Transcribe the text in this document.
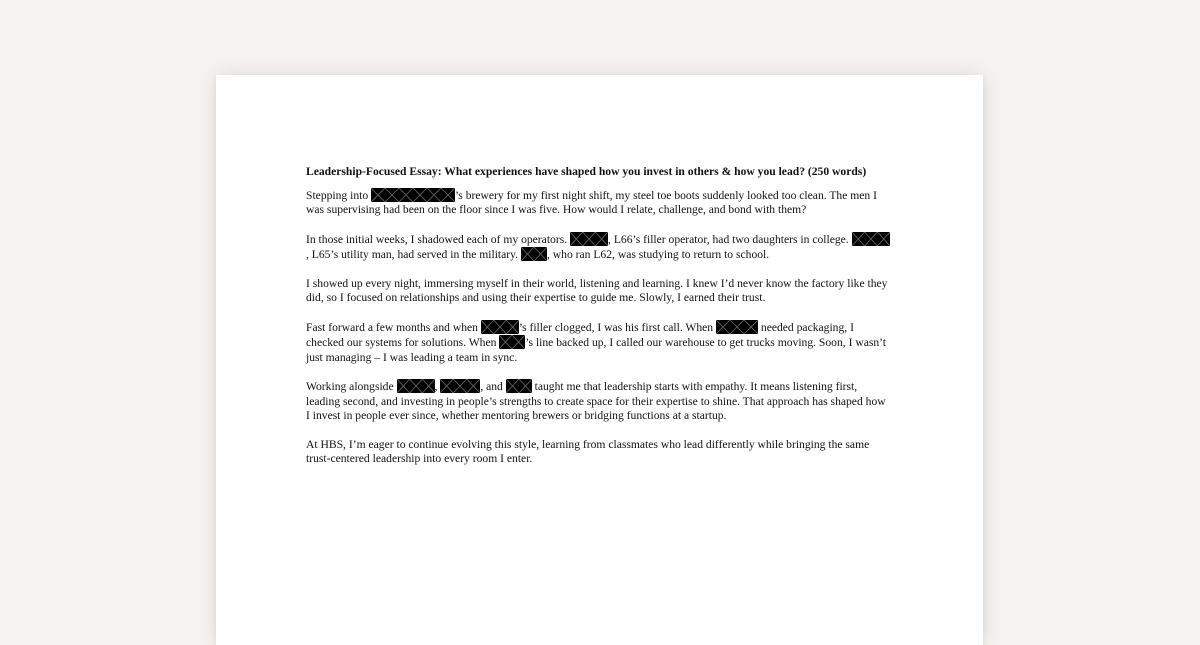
Leadership-Focused Essay: What experiences have shaped how you invest in others & how you lead? (250 words)

Stepping into	’s brewery for my first night shift, my steel toe boots suddenly looked too clean. The men I was supervising had been on the floor since I was five. How would I relate, challenge, and bond with them?

In those initial weeks, I shadowed each of my operators.	, L66’s filler operator, had two daughters in college.
, L65’s utility man, had served in the military.
, who ran L62, was studying to return to school.

I showed up every night, immersing myself in their world, listening and learning. I knew I’d never know the factory like they did, so I focused on relationships and using their expertise to guide me. Slowly, I earned their trust.

Fast forward a few months and when	’s filler clogged, I was his first call. When	needed packaging, I checked our systems for solutions. When
’s line backed up, I called our warehouse to get trucks moving. Soon, I wasn’t just managing – I was leading a team in sync.

Working alongside	,	, and
taught me that leadership starts with empathy. It means listening first, leading second, and investing in people’s strengths to create space for their expertise to shine. That approach has shaped how I invest in people ever since, whether mentoring brewers or bridging functions at a startup.

At HBS, I’m eager to continue evolving this style, learning from classmates who lead differently while bringing the same trust-centered leadership into every room I enter.
